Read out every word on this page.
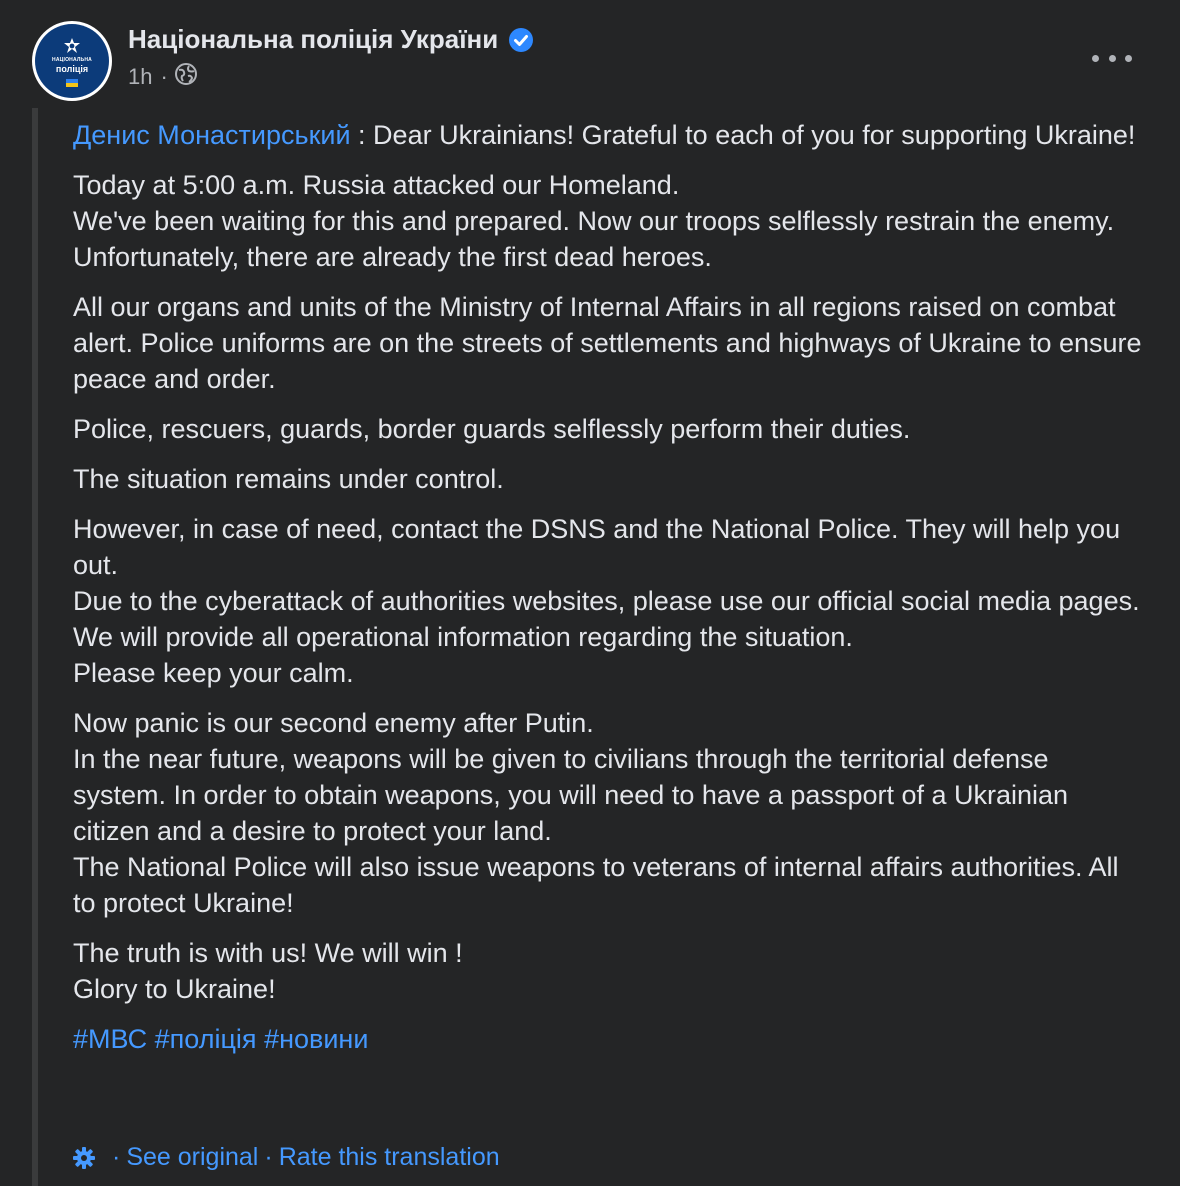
НАЦІОНАЛЬНА
поліція
Національна поліція України
1h ·

Денис Монастирський : Dear Ukrainians! Grateful to each of you for supporting Ukraine!

Today at 5:00 a.m. Russia attacked our Homeland.
We've been waiting for this and prepared. Now our troops selflessly restrain the enemy. Unfortunately, there are already the first dead heroes.

All our organs and units of the Ministry of Internal Affairs in all regions raised on combat alert. Police uniforms are on the streets of settlements and highways of Ukraine to ensure peace and order.

Police, rescuers, guards, border guards selflessly perform their duties.

The situation remains under control.

However, in case of need, contact the DSNS and the National Police. They will help you out.
Due to the cyberattack of authorities websites, please use our official social media pages.
We will provide all operational information regarding the situation.
Please keep your calm.

Now panic is our second enemy after Putin.
In the near future, weapons will be given to civilians through the territorial defense system. In order to obtain weapons, you will need to have a passport of a Ukrainian citizen and a desire to protect your land.
The National Police will also issue weapons to veterans of internal affairs authorities. All to protect Ukraine!

The truth is with us! We will win !
Glory to Ukraine!

#МВС #поліція #новини

· See original · Rate this translation
